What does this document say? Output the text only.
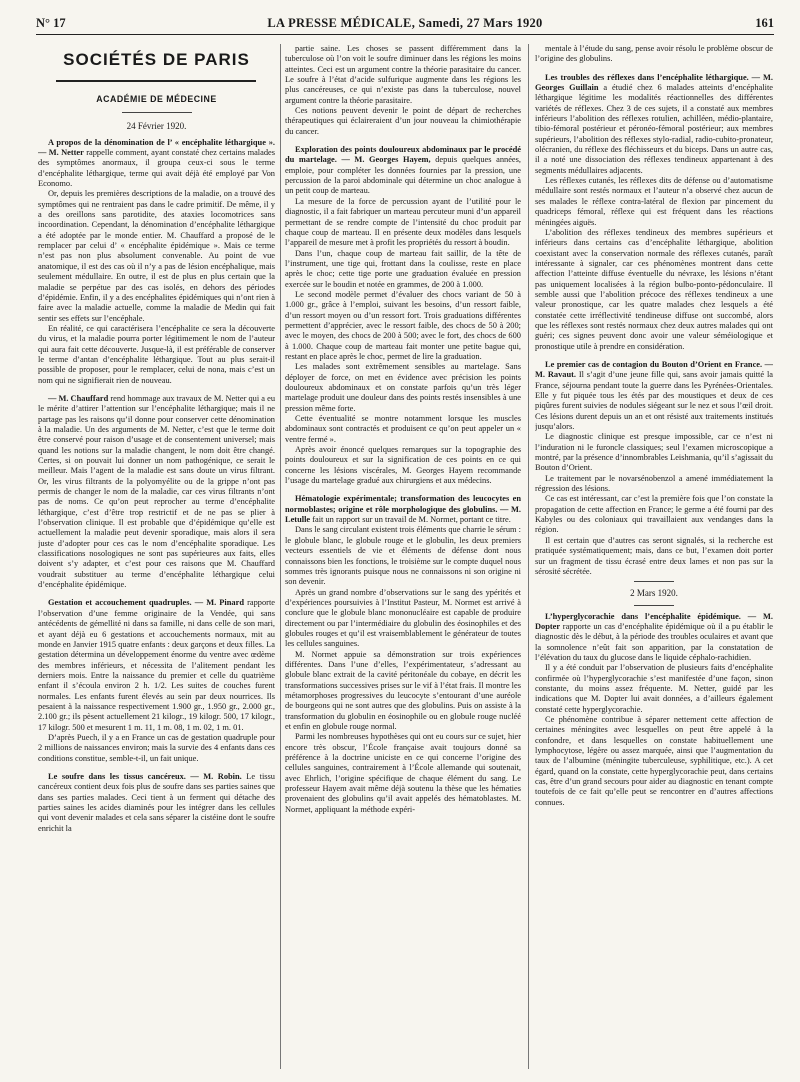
N° 17	LA PRESSE MÉDICALE, Samedi, 27 Mars 1920	161
SOCIÉTÉS DE PARIS
ACADÉMIE DE MÉDECINE
24 Février 1920.

A propos de la dénomination de l’ « encéphalite léthargique ». — M. Netter rappelle comment, ayant constaté chez certains malades des symptômes anormaux, il groupa ceux-ci sous le terme d’encéphalite léthargique, terme qui avait déjà été employé par Von Economo.

Or, depuis les premières descriptions de la maladie, on a trouvé des symptômes qui ne rentraient pas dans le cadre primitif. De même, il y a des oreillons sans parotidite, des ataxies locomotrices sans incoordination. Cependant, la dénomination d’encéphalite léthargique a été adoptée par le monde entier. M. Chauffard a proposé de le remplacer par celui d’ « encéphalite épidémique ». Mais ce terme n’est pas non plus absolument convenable. Au point de vue anatomique, il est des cas où il n’y a pas de lésion encéphalique, mais seulement médullaire. En outre, il est de plus en plus certain que la maladie se perpétue par des cas isolés, en dehors des périodes d’épidémie. Enfin, il y a des encéphalites épidémiques qui n’ont rien à faire avec la maladie actuelle, comme la maladie de Medin qui fait sentir ses effets sur l’encéphale.

En réalité, ce qui caractérisera l’encéphalite ce sera la découverte du virus, et la maladie pourra porter légitimement le nom de l’auteur qui aura fait cette découverte. Jusque-là, il est préférable de conserver le terme d’antan d’encéphalite léthargique. Tout au plus serait-il possible de proposer, pour le remplacer, celui de nona, mais c’est un nom qui ne signifierait rien de nouveau.

— M. Chauffard rend hommage aux travaux de M. Netter qui a eu le mérite d’attirer l’attention sur l’encéphalite léthargique; mais il ne partage pas les raisons qu’il donne pour conserver cette dénomination à la maladie. Un des arguments de M. Netter, c’est que le terme doit être conservé pour raison d’usage et de consentement universel; mais quand les notions sur la maladie changent, le nom doit être changé. Certes, si on pouvait lui donner un nom pathogénique, ce serait le meilleur. Mais l’agent de la maladie est sans doute un virus filtrant. Or, les virus filtrants de la polyomyélite ou de la grippe n’ont pas permis de changer le nom de la maladie, car ces virus filtrants n’ont pas de noms. Ce qu’on peut reprocher au terme d’encéphalite léthargique, c’est d’être trop restrictif et de ne pas se plier à l’observation clinique. Il est probable que d’épidémique qu’elle est actuellement la maladie peut devenir sporadique, mais alors il sera juste d’adopter pour ces cas le nom d’encéphalite sporadique. Les classifications nosologiques ne sont pas supérieures aux faits, elles doivent s’y adapter, et c’est pour ces raisons que M. Chauffard voudrait substituer au terme d’encéphalite léthargique celui d’encéphalite épidémique.

Gestation et accouchement quadruples. — M. Pinard rapporte l’observation d’une femme originaire de la Vendée, qui sans antécédents de gémellité ni dans sa famille, ni dans celle de son mari, et ayant déjà eu 6 gestations et accouchements normaux, mit au monde en Janvier 1915 quatre enfants : deux garçons et deux filles. La gestation détermina un développement énorme du ventre avec œdème des membres inférieurs, et nécessita de l’alitement pendant les derniers mois. Entre la naissance du premier et celle du quatrième enfant il s’écoula environ 2 h. 1/2. Les suites de couches furent normales. Les enfants furent élevés au sein par deux nourrices. Ils pesaient à la naissance respectivement 1.900 gr., 1.950 gr., 2.000 gr., 2.100 gr.; ils pèsent actuellement 21 kilogr., 19 kilogr. 500, 17 kilogr., 17 kilogr. 500 et mesurent 1 m. 11, 1 m. 08, 1 m. 02, 1 m. 01.

D’après Puech, il y a en France un cas de gestation quadruple pour 2 millions de naissances environ; mais la survie des 4 enfants dans ces conditions constitue, semble-t-il, un fait unique.

Le soufre dans les tissus cancéreux. — M. Robin. Le tissu cancéreux contient deux fois plus de soufre dans ses parties saines que dans ses parties malades. Ceci tient à un ferment qui détache des parties saines les acides diaminés pour les intégrer dans les cellules qui vont devenir malades et cela sans séparer la cistéine dont le soufre enrichit la

partie saine. Les choses se passent différemment dans la tuberculose où l’on voit le soufre diminuer dans les régions les moins atteintes. Ceci est un argument contre la théorie parasitaire du cancer. Le soufre à l’état d’acide sulfurique augmente dans les régions les plus cancéreuses, ce qui n’existe pas dans la tuberculose, nouvel argument contre la théorie parasitaire.

Ces notions peuvent devenir le point de départ de recherches thérapeutiques qui éclaireraient d’un jour nouveau la chimiothérapie du cancer.

Exploration des points douloureux abdominaux par le procédé du martelage. — M. Georges Hayem, depuis quelques années, emploie, pour compléter les données fournies par la pression, une percussion de la paroi abdominale qui détermine un choc analogue à un petit coup de marteau.

La mesure de la force de percussion ayant de l’utilité pour le diagnostic, il a fait fabriquer un marteau percuteur muni d’un appareil permettant de se rendre compte de l’intensité du choc produit par chaque coup de marteau. Il en présente deux modèles dans lesquels l’appareil de mesure met à profit les propriétés du ressort à boudin.

Dans l’un, chaque coup de marteau fait saillir, de la tête de l’instrument, une tige qui, frottant dans la coulisse, reste en place après le choc; cette tige porte une graduation évaluée en pression exercée sur le boudin et notée en grammes, de 200 à 1.000.

Le second modèle permet d’évaluer des chocs variant de 50 à 1.000 gr., grâce à l’emploi, suivant les besoins, d’un ressort faible, d’un ressort moyen ou d’un ressort fort. Trois graduations différentes permettent d’apprécier, avec le ressort faible, des chocs de 50 à 200; avec le moyen, des chocs de 200 à 500; avec le fort, des chocs de 600 à 1.000. Chaque coup de marteau fait monter une petite bague qui, restant en place après le choc, permet de lire la graduation.

Les malades sont extrêmement sensibles au martelage. Sans déployer de force, on met en évidence avec précision les points douloureux abdominaux et on constate parfois qu’un très léger martelage produit une douleur dans des points restés insensibles à une pression même forte.

Cette éventualité se montre notamment lorsque les muscles abdominaux sont contractés et produisent ce qu’on peut appeler un « ventre fermé ».

Après avoir énoncé quelques remarques sur la topographie des points douloureux et sur la signification de ces points en ce qui concerne les lésions viscérales, M. Georges Hayem recommande l’usage du martelage gradué aux chirurgiens et aux médecins.

Hématologie expérimentale; transformation des leucocytes en normoblastes; origine et rôle morphologique des globulins. — M. Letulle fait un rapport sur un travail de M. Normet, portant ce titre.

Dans le sang circulant existent trois éléments que charrie le sérum : le globule blanc, le globule rouge et le globulin, les deux premiers vecteurs essentiels de vie et éléments de défense dont nous connaissons bien les fonctions, le troisième sur le compte duquel nous sommes très ignorants puisque nous ne connaissons ni son origine ni son devenir.

Après un grand nombre d’observations sur le sang des ypérités et d’expériences poursuivies à l’Institut Pasteur, M. Normet est arrivé à conclure que le globule blanc mononucléaire est capable de produire directement ou par l’intermédiaire du globulin des éosinophiles et des globules rouges et qu’il est vraisemblablement le générateur de toutes les cellules sanguines.

M. Normet appuie sa démonstration sur trois expériences différentes. Dans l’une d’elles, l’expérimentateur, s’adressant au globule blanc extrait de la cavité péritonéale du cobaye, en décrit les transformations successives prises sur le vif à l’état frais. Il montre les métamorphoses progressives du leucocyte s’entourant d’une auréole de bourgeons qui ne sont autres que des globulins. Puis on assiste à la transformation du globulin en éosinophile ou en globule rouge nucléé et enfin en globule rouge normal.

Parmi les nombreuses hypothèses qui ont eu cours sur ce sujet, hier encore très obscur, l’École française avait toujours donné sa préférence à la doctrine uniciste en ce qui concerne l’origine des cellules sanguines, contrairement à l’École allemande qui soutenait, avec Ehrlich, l’origine spécifique de chaque élément du sang. Le professeur Hayem avait même déjà soutenu la thèse que les hématies provenaient des globulins qu’il avait appelés des hématoblastes. M. Normet, appliquant la méthode expéri-

mentale à l’étude du sang, pense avoir résolu le problème obscur de l’origine des globulins.

Les troubles des réflexes dans l’encéphalite léthargique. — M. Georges Guillain a étudié chez 6 malades atteints d’encéphalite léthargique légitime les modalités réactionnelles des différentes variétés de réflexes. Chez 3 de ces sujets, il a constaté aux membres inférieurs l’abolition des réflexes rotulien, achilléen, médio-plantaire, tibio-fémoral postérieur et péronéo-fémoral postérieur; aux membres supérieurs, l’abolition des réflexes stylo-radial, radio-cubito-pronateur, olécranien, du réflexe des fléchisseurs et du biceps. Dans un autre cas, il a noté une dissociation des réflexes tendineux appartenant à des segments médullaires adjacents.

Les réflexes cutanés, les réflexes dits de défense ou d’automatisme médullaire sont restés normaux et l’auteur n’a observé chez aucun de ses malades le réflexe contra-latéral de flexion par pincement du quadriceps fémoral, réflexe qui est fréquent dans les réactions méningées aiguës.

L’abolition des réflexes tendineux des membres supérieurs et inférieurs dans certains cas d’encéphalite léthargique, abolition coexistant avec la conservation normale des réflexes cutanés, paraît intéressante à signaler, car ces phénomènes montrent dans cette affection l’atteinte diffuse éventuelle du névraxe, les lésions n’étant pas uniquement localisées à la région bulbo-ponto-pédonculaire. Il semble aussi que l’abolition précoce des réflexes tendineux a une valeur pronostique, car les quatre malades chez lesquels a été constatée cette irréflectivité tendineuse diffuse ont succombé, alors que les réflexes sont restés normaux chez deux autres malades qui ont guéri; ces signes peuvent donc avoir une valeur séméiologique et pronostique utile à prendre en considération.

Le premier cas de contagion du Bouton d’Orient en France. — M. Ravaut. Il s’agit d’une jeune fille qui, sans avoir jamais quitté la France, séjourna pendant toute la guerre dans les Pyrénées-Orientales. Elle y fut piquée tous les étés par des moustiques et deux de ces piqûres furent suivies de nodules siégeant sur le nez et sous l’œil droit. Ces lésions durent depuis un an et ont résisté aux traitements institués jusqu’alors.

Le diagnostic clinique est presque impossible, car ce n’est ni l’induration ni le furoncle classiques; seul l’examen microscopique a montré, par la présence d’innombrables Leishmania, qu’il s’agissait du Bouton d’Orient.

Le traitement par le novarsénobenzol a amené immédiatement la régression des lésions.

Ce cas est intéressant, car c’est la première fois que l’on constate la propagation de cette affection en France; le germe a été fourni par des Kabyles ou des coloniaux qui travaillaient aux vendanges dans la région.

Il est certain que d’autres cas seront signalés, si la recherche est pratiquée systématiquement; mais, dans ce but, l’examen doit porter sur un fragment de tissu écrasé entre deux lames et non pas sur la sérosité sécrétée.

2 Mars 1920.

L’hyperglycorachie dans l’encéphalite épidémique. — M. Dopter rapporte un cas d’encéphalite épidémique où il a pu établir le diagnostic dès le début, à la période des troubles oculaires et avant que la somnolence n’eût fait son apparition, par la constatation de l’élévation du taux du glucose dans le liquide céphalo-rachidien.

Il y a été conduit par l’observation de plusieurs faits d’encéphalite confirmée où l’hyperglycorachie s’est manifestée d’une façon, sinon constante, du moins assez fréquente. M. Netter, guidé par les indications que M. Dopter lui avait données, a d’ailleurs également constaté cette hyperglycorachie.

Ce phénomène contribue à séparer nettement cette affection de certaines méningites avec lesquelles on peut être appelé à la confondre, et dans lesquelles on constate habituellement une lymphocytose, légère ou assez marquée, ainsi que l’augmentation du taux de l’albumine (méningite tuberculeuse, syphilitique, etc.). A cet égard, quand on la constate, cette hyperglycorachie peut, dans certains cas, être d’un grand secours pour aider au diagnostic en tenant compte toutefois de ce fait qu’elle peut se rencontrer en d’autres affections connues.
